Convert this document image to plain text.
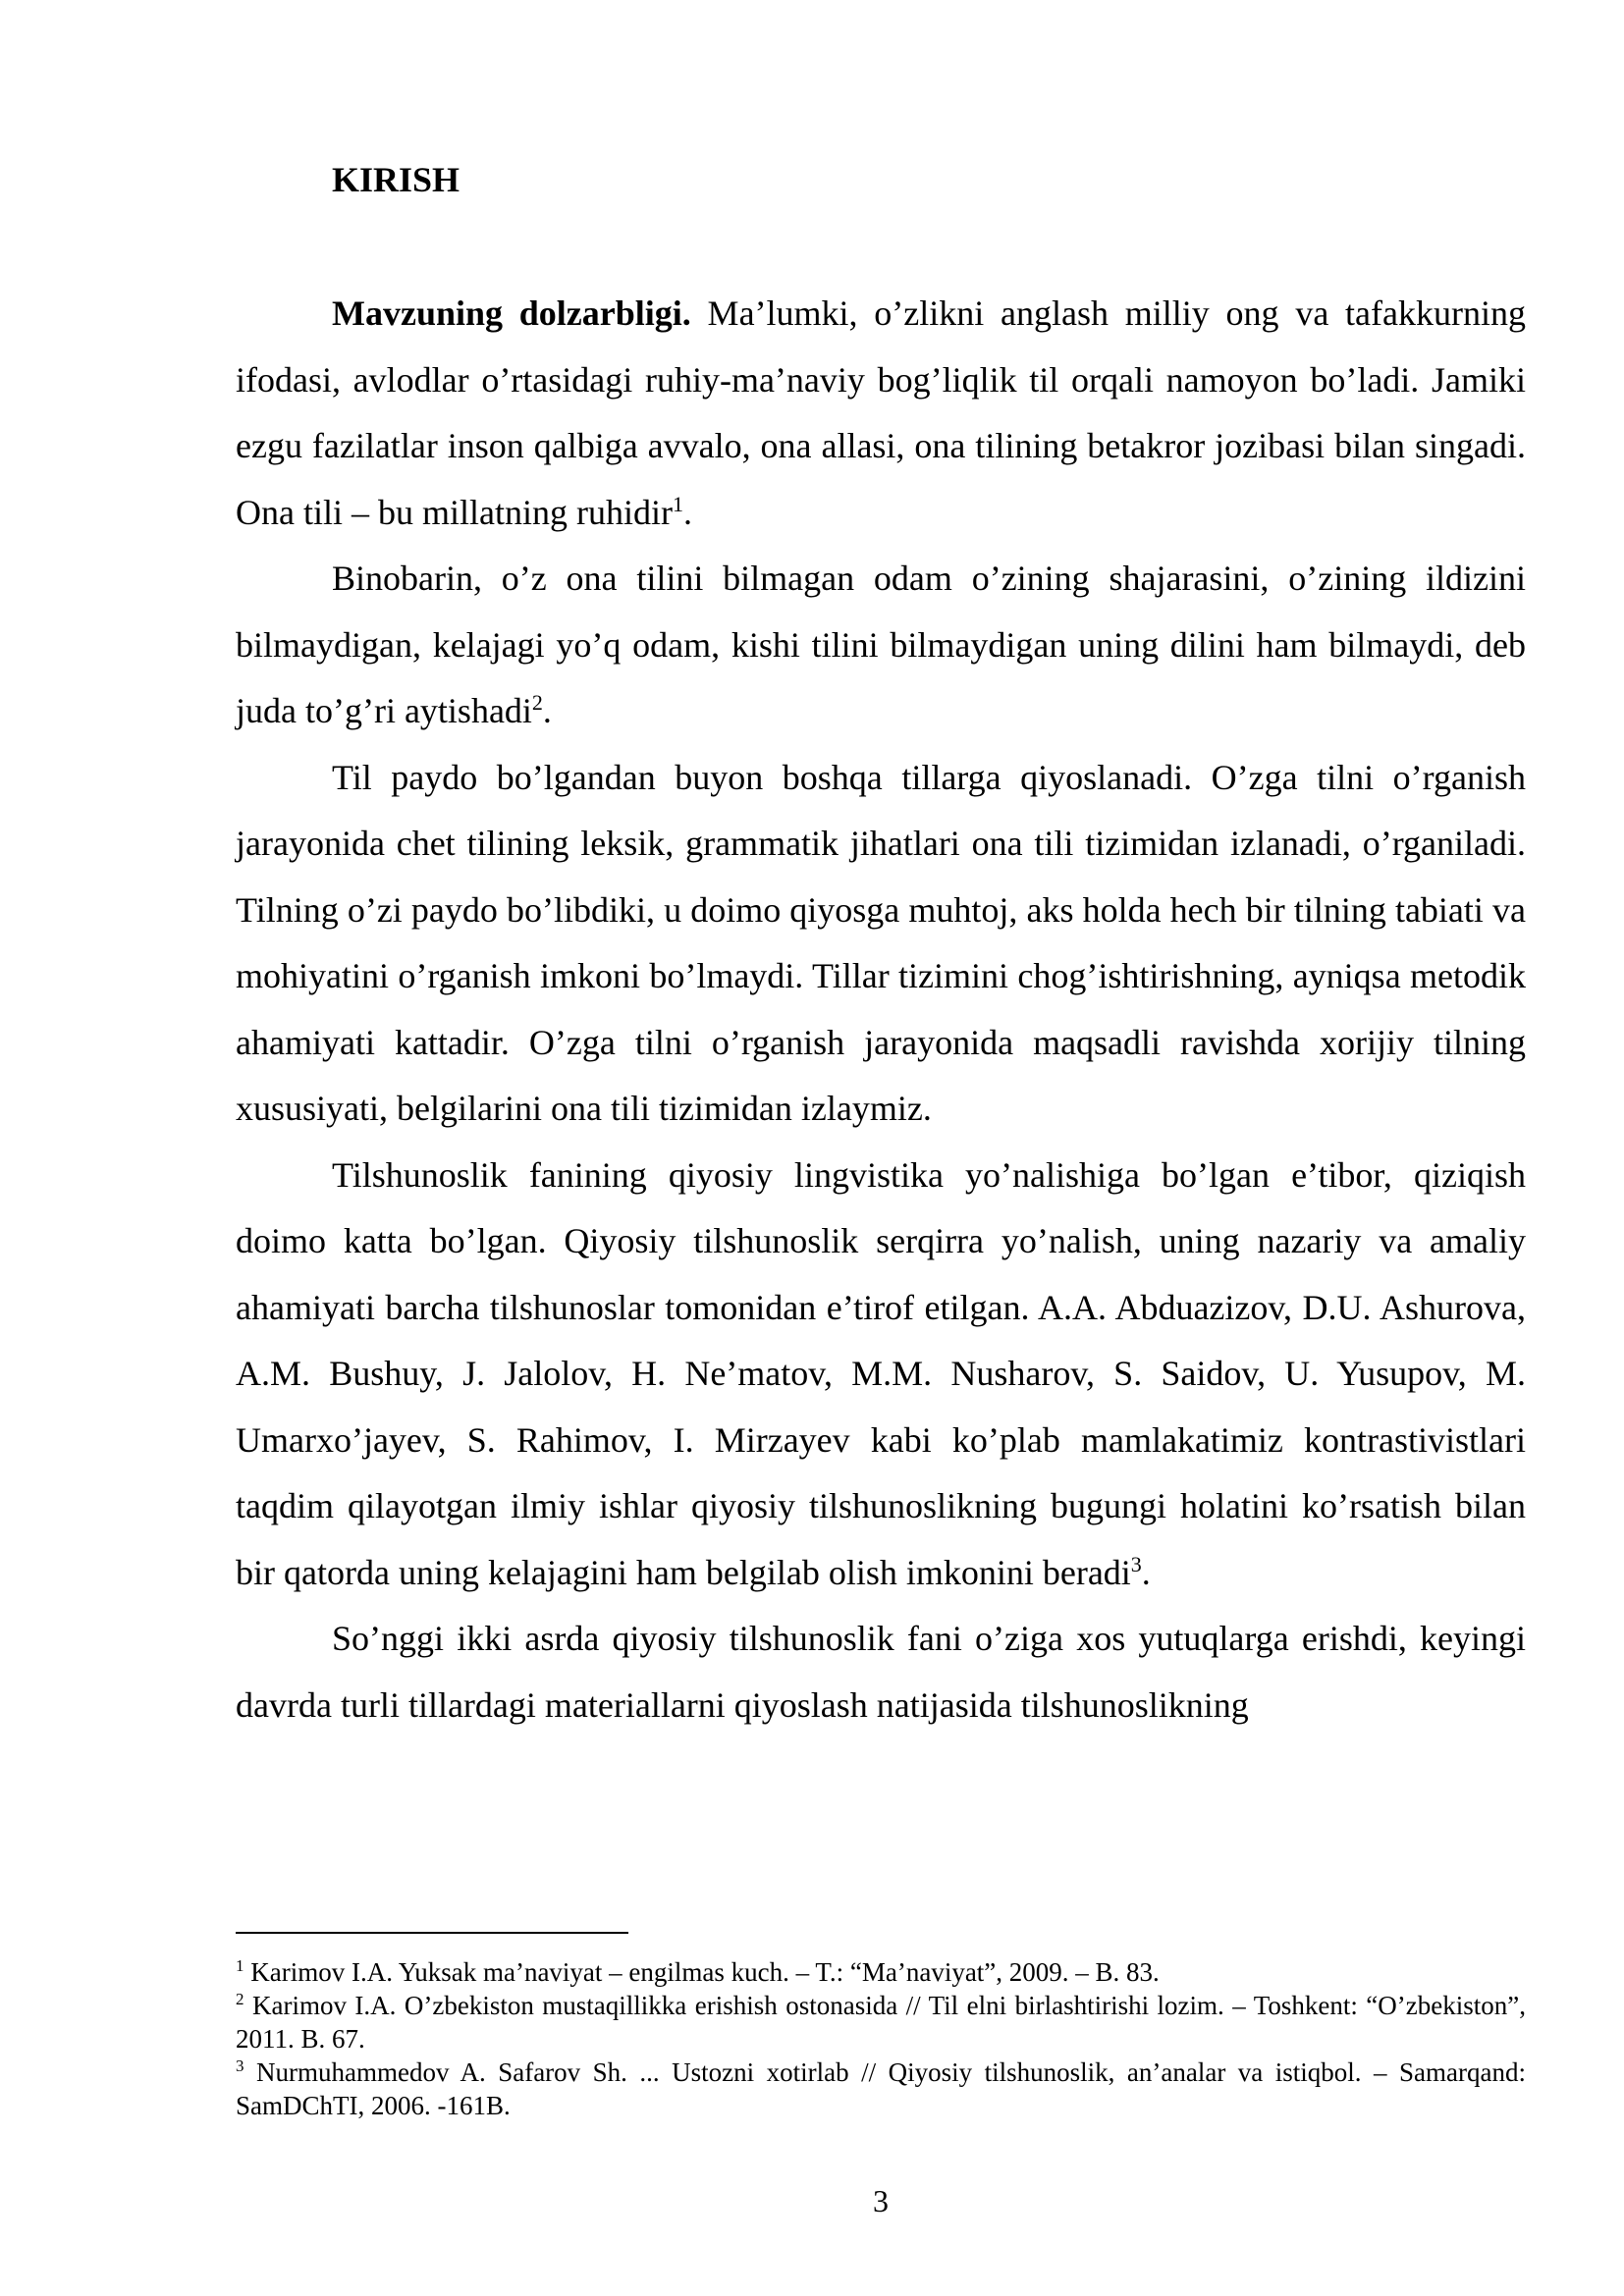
KIRISH

Mavzuning dolzarbligi. Ma’lumki, o’zlikni anglash milliy ong va tafakkurning ifodasi, avlodlar o’rtasidagi ruhiy-ma’naviy bog’liqlik til orqali namoyon bo’ladi. Jamiki ezgu fazilatlar inson qalbiga avvalo, ona allasi, ona tilining betakror jozibasi bilan singadi. Ona tili – bu millatning ruhidir$^1$.

Binobarin, o’z ona tilini bilmagan odam o’zining shajarasini, o’zining ildizini bilmaydigan, kelajagi yo’q odam, kishi tilini bilmaydigan uning dilini ham bilmaydi, deb juda to’g’ri aytishadi$^2$.

Til paydo bo’lgandan buyon boshqa tillarga qiyoslanadi. O’zga tilni o’rganish jarayonida chet tilining leksik, grammatik jihatlari ona tili tizimidan izlanadi, o’rganiladi. Tilning o’zi paydo bo’libdiki, u doimo qiyosga muhtoj, aks holda hech bir tilning tabiati va mohiyatini o’rganish imkoni bo’lmaydi. Tillar tizimini chog’ishtirishning, ayniqsa metodik ahamiyati kattadir. O’zga tilni o’rganish jarayonida maqsadli ravishda xorijiy tilning xususiyati, belgilarini ona tili tizimidan izlaymiz.

Tilshunoslik fanining qiyosiy lingvistika yo’nalishiga bo’lgan e’tibor, qiziqish doimo katta bo’lgan. Qiyosiy tilshunoslik serqirra yo’nalish, uning nazariy va amaliy ahamiyati barcha tilshunoslar tomonidan e’tirof etilgan. A.A. Abduazizov, D.U. Ashurova, A.M. Bushuy, J. Jalolov, H. Ne’matov, M.M. Nusharov, S. Saidov, U. Yusupov, M. Umarxo’jayev, S. Rahimov, I. Mirzayev kabi ko’plab mamlakatimiz kontrastivistlari taqdim qilayotgan ilmiy ishlar qiyosiy tilshunoslikning bugungi holatini ko’rsatish bilan bir qatorda uning kelajagini ham belgilab olish imkonini beradi$^3$.

So’nggi ikki asrda qiyosiy tilshunoslik fani o’ziga xos yutuqlarga erishdi, keyingi davrda turli tillardagi materiallarni qiyoslash natijasida tilshunoslikning

$^1$ Karimov I.A. Yuksak ma’naviyat – engilmas kuch. – T.: “Ma’naviyat”, 2009. – B. 83.

$^2$ Karimov I.A. O’zbekiston mustaqillikka erishish ostonasida // Til elni birlashtirishi lozim. – Toshkent: “O’zbekiston”, 2011. B. 67.

$^3$ Nurmuhammedov A. Safarov Sh. ... Ustozni xotirlab // Qiyosiy tilshunoslik, an’analar va istiqbol. – Samarqand: SamDChTI, 2006. -161B.

3
